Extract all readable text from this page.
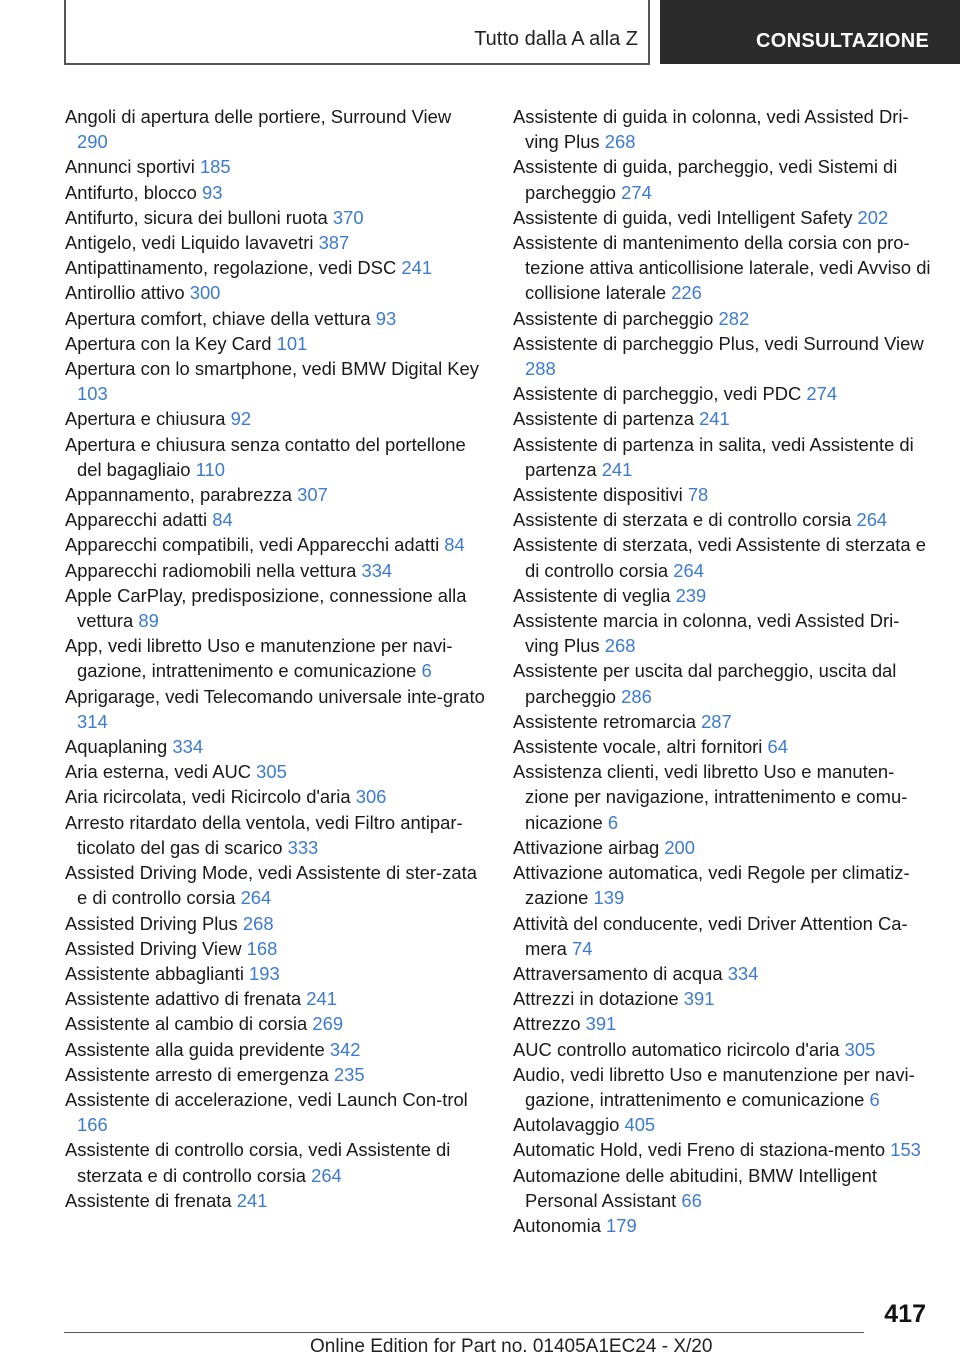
Tutto dalla A alla Z	CONSULTAZIONE
Angoli di apertura delle portiere, Surround View 290
Annunci sportivi 185
Antifurto, blocco 93
Antifurto, sicura dei bulloni ruota 370
Antigelo, vedi Liquido lavavetri 387
Antipattinamento, regolazione, vedi DSC 241
Antirollio attivo 300
Apertura comfort, chiave della vettura 93
Apertura con la Key Card 101
Apertura con lo smartphone, vedi BMW Digital Key 103
Apertura e chiusura 92
Apertura e chiusura senza contatto del portellone del bagagliaio 110
Appannamento, parabrezza 307
Apparecchi adatti 84
Apparecchi compatibili, vedi Apparecchi adatti 84
Apparecchi radiomobili nella vettura 334
Apple CarPlay, predisposizione, connessione alla vettura 89
App, vedi libretto Uso e manutenzione per navi‐gazione, intrattenimento e comunicazione 6
Aprigarage, vedi Telecomando universale inte‐grato 314
Aquaplaning 334
Aria esterna, vedi AUC 305
Aria ricircolata, vedi Ricircolo d'aria 306
Arresto ritardato della ventola, vedi Filtro antipar‐ticolato del gas di scarico 333
Assisted Driving Mode, vedi Assistente di ster‐zata e di controllo corsia 264
Assisted Driving Plus 268
Assisted Driving View 168
Assistente abbaglianti 193
Assistente adattivo di frenata 241
Assistente al cambio di corsia 269
Assistente alla guida previdente 342
Assistente arresto di emergenza 235
Assistente di accelerazione, vedi Launch Con‐trol 166
Assistente di controllo corsia, vedi Assistente di sterzata e di controllo corsia 264
Assistente di frenata 241
Assistente di guida in colonna, vedi Assisted Dri‐ving Plus 268
Assistente di guida, parcheggio, vedi Sistemi di parcheggio 274
Assistente di guida, vedi Intelligent Safety 202
Assistente di mantenimento della corsia con pro‐tezione attiva anticollisione laterale, vedi Avviso di collisione laterale 226
Assistente di parcheggio 282
Assistente di parcheggio Plus, vedi Surround View 288
Assistente di parcheggio, vedi PDC 274
Assistente di partenza 241
Assistente di partenza in salita, vedi Assistente di partenza 241
Assistente dispositivi 78
Assistente di sterzata e di controllo corsia 264
Assistente di sterzata, vedi Assistente di sterzata e di controllo corsia 264
Assistente di veglia 239
Assistente marcia in colonna, vedi Assisted Dri‐ving Plus 268
Assistente per uscita dal parcheggio, uscita dal parcheggio 286
Assistente retromarcia 287
Assistente vocale, altri fornitori 64
Assistenza clienti, vedi libretto Uso e manuten‐zione per navigazione, intrattenimento e comu‐nicazione 6
Attivazione airbag 200
Attivazione automatica, vedi Regole per climatiz‐zazione 139
Attività del conducente, vedi Driver Attention Ca‐mera 74
Attraversamento di acqua 334
Attrezzi in dotazione 391
Attrezzo 391
AUC controllo automatico ricircolo d'aria 305
Audio, vedi libretto Uso e manutenzione per navi‐gazione, intrattenimento e comunicazione 6
Autolavaggio 405
Automatic Hold, vedi Freno di staziona‐mento 153
Automazione delle abitudini, BMW Intelligent Personal Assistant 66
Autonomia 179
417
Online Edition for Part no. 01405A1EC24 - X/20
